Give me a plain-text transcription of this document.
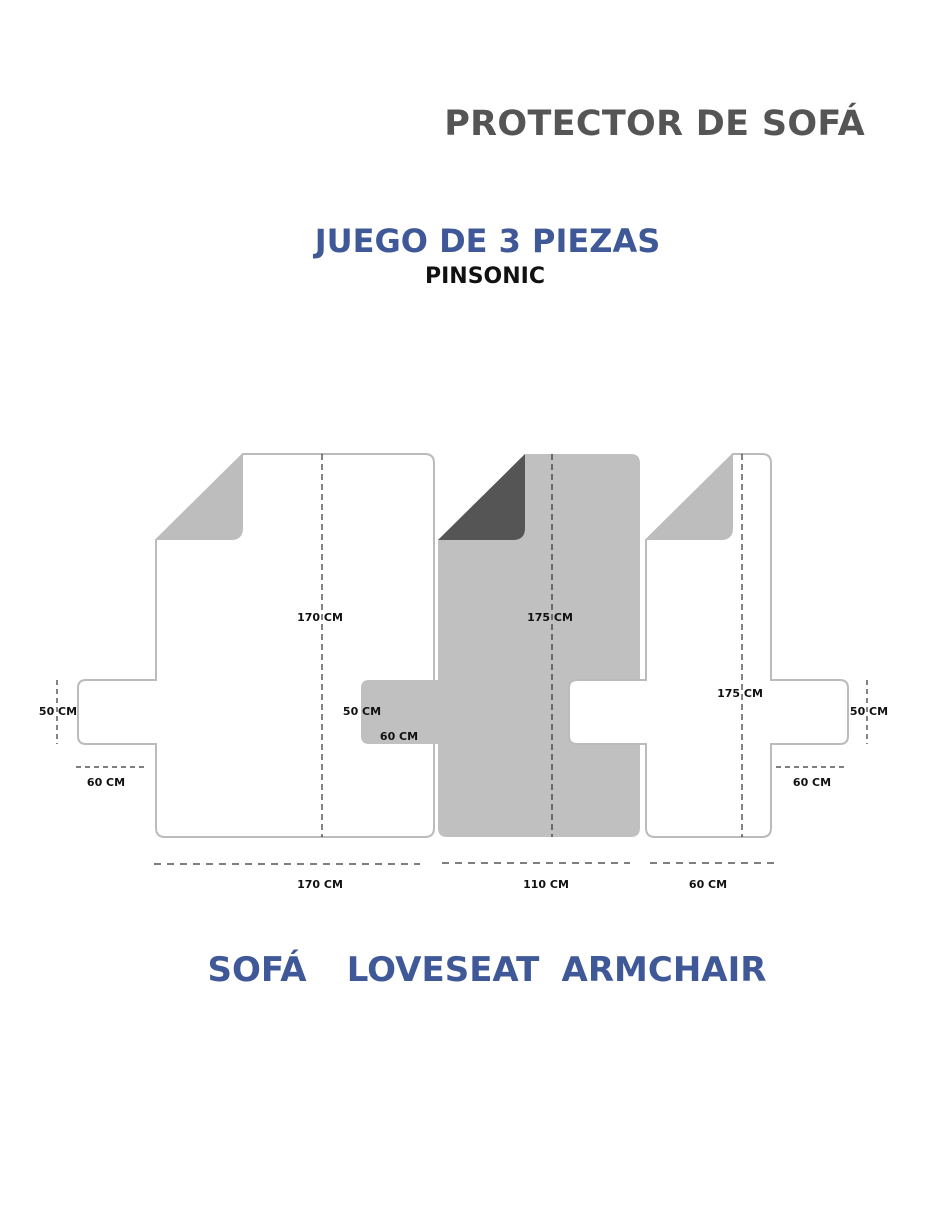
PROTECTOR DE SOFÁ
JUEGO DE 3 PIEZAS
PINSONIC
170 CM
170 CM
50 CM
60 CM
175 CM
110 CM
50 CM
60 CM
175 CM
60 CM
50 CM
60 CM
SOFÁ LOVESEAT ARMCHAIR
